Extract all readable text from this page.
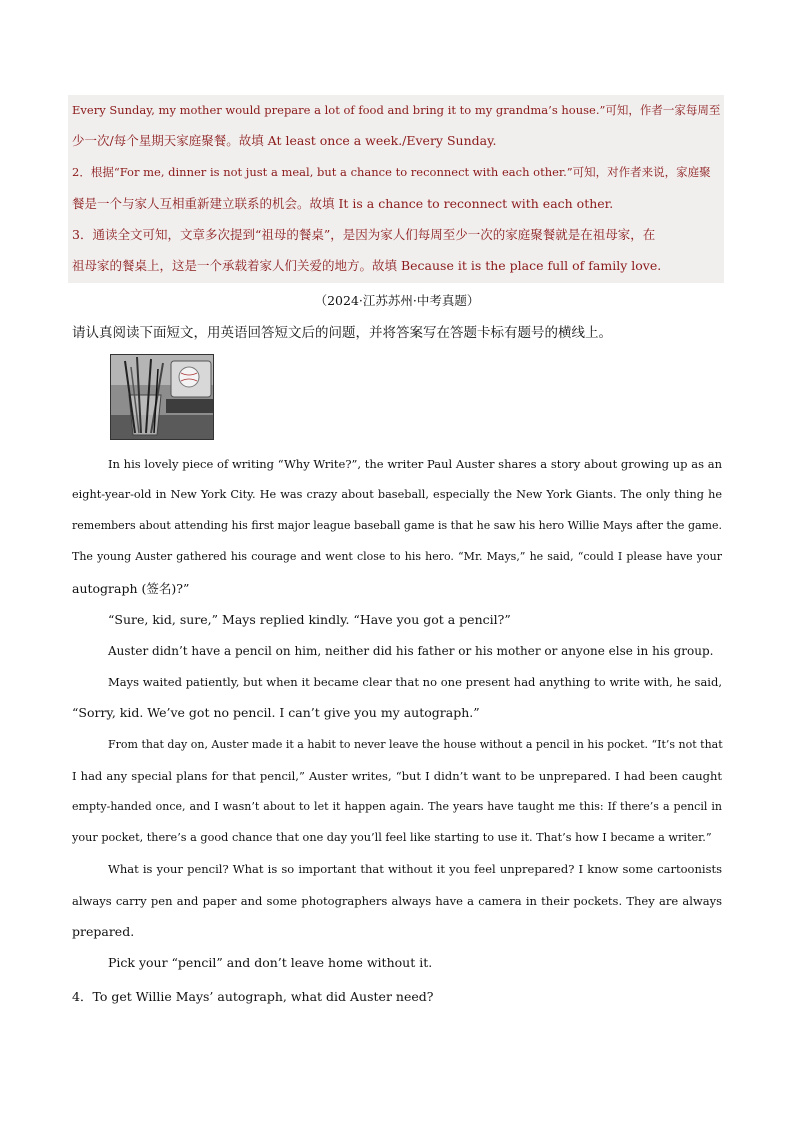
Every Sunday, my mother would prepare a lot of food and bring it to my grandma’s house.”可知，作者一家每周至
少一次/每个星期天家庭聚餐。故填 At least once a week./Every Sunday.
2．根据“For me, dinner is not just a meal, but a chance to reconnect with each other.”可知，对作者来说，家庭聚
餐是一个与家人互相重新建立联系的机会。故填 It is a chance to reconnect with each other.
3．通读全文可知，文章多次提到“祖母的餐桌”，是因为家人们每周至少一次的家庭聚餐就是在祖母家，在
祖母家的餐桌上，这是一个承载着家人们关爱的地方。故填 Because it is the place full of family love.
（2024·江苏苏州·中考真题）
请认真阅读下面短文，用英语回答短文后的问题，并将答案写在答题卡标有题号的横线上。
In his lovely piece of writing “Why Write?”, the writer Paul Auster shares a story about growing up as an
eight-year-old in New York City. He was crazy about baseball, especially the New York Giants. The only thing he
remembers about attending his first major league baseball game is that he saw his hero Willie Mays after the game.
The young Auster gathered his courage and went close to his hero. “Mr. Mays,” he said, “could I please have your
autograph (签名)?”
“Sure, kid, sure,” Mays replied kindly. “Have you got a pencil?”
Auster didn’t have a pencil on him, neither did his father or his mother or anyone else in his group.
Mays waited patiently, but when it became clear that no one present had anything to write with, he said,
“Sorry, kid. We’ve got no pencil. I can’t give you my autograph.”
From that day on, Auster made it a habit to never leave the house without a pencil in his pocket. “It’s not that
I had any special plans for that pencil,” Auster writes, “but I didn’t want to be unprepared. I had been caught
empty-handed once, and I wasn’t about to let it happen again. The years have taught me this: If there’s a pencil in
your pocket, there’s a good chance that one day you’ll feel like starting to use it. That’s how I became a writer.”
What is your pencil? What is so important that without it you feel unprepared? I know some cartoonists
always carry pen and paper and some photographers always have a camera in their pockets. They are always
prepared.
Pick your “pencil” and don’t leave home without it.
4．To get Willie Mays’ autograph, what did Auster need?
